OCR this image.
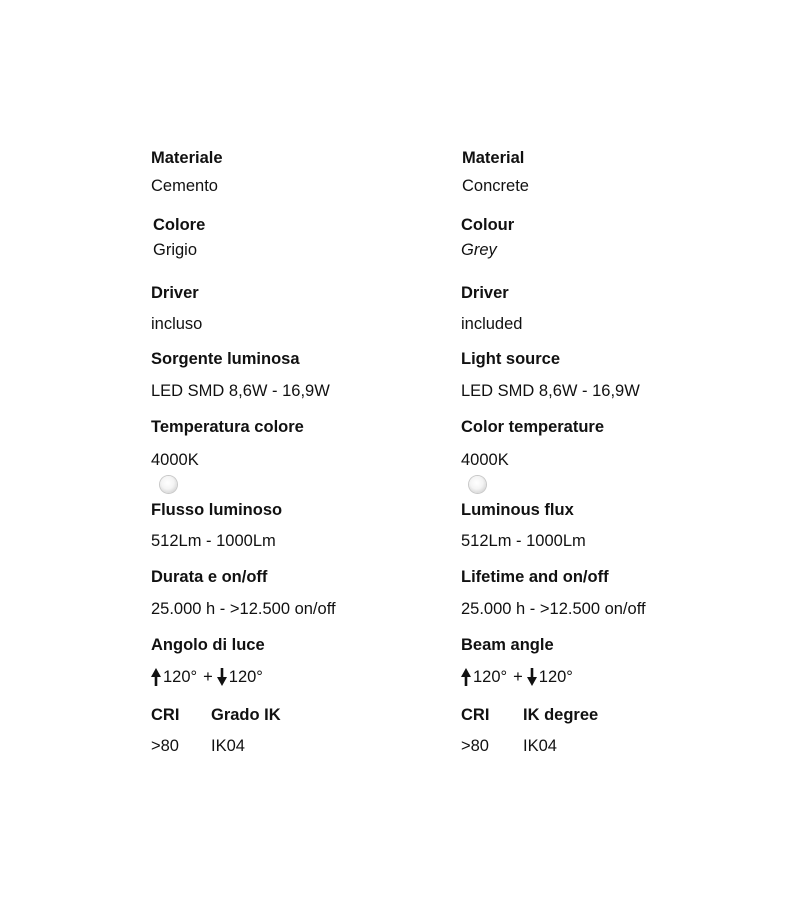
Materiale
Cemento
Colore
Grigio
Driver
incluso
Sorgente luminosa
LED SMD 8,6W - 16,9W
Temperatura colore
4000K
Flusso luminoso
512Lm - 1000Lm
Durata e on/off
25.000 h - >12.500 on/off
Angolo di luce
120° + 120°
CRI
>80
Grado IK
IK04
Material
Concrete
Colour
Grey
Driver
included
Light source
LED SMD 8,6W - 16,9W
Color temperature
4000K
Luminous flux
512Lm - 1000Lm
Lifetime and on/off
25.000 h - >12.500 on/off
Beam angle
120° + 120°
CRI
>80
IK degree
IK04
